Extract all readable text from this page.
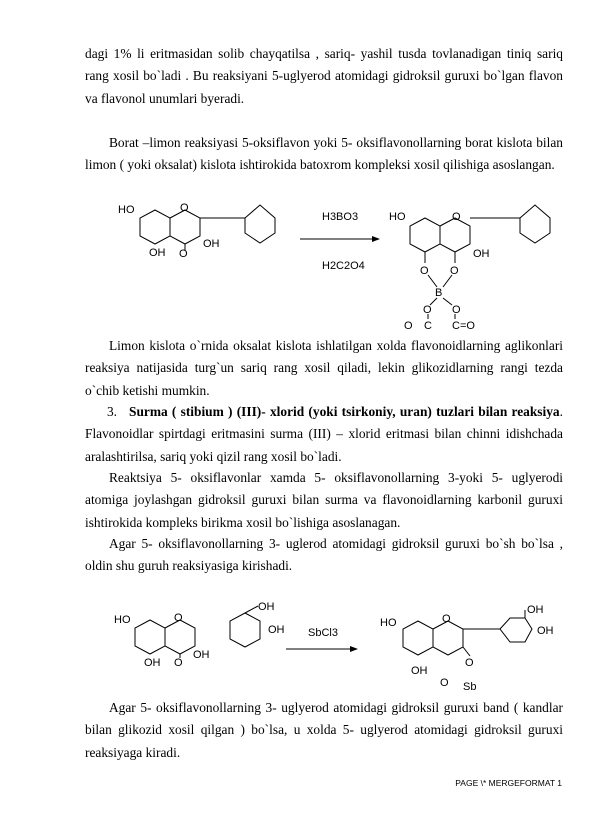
dagi 1% li eritmasidan solib chayqatilsa , sariq- yashil tusda tovlanadigan tiniq sariq rang xosil bo`ladi . Bu reaksiyani 5-uglyerod atomidagi gidroksil guruxi bo`lgan flavon va flavonol unumlari byeradi.
Borat –limon reaksiyasi 5-oksiflavon yoki 5- oksiflavonollarning borat kislota bilan limon ( yoki oksalat) kislota ishtirokida batoxrom kompleksi xosil qilishiga asoslangan.
HO	O
OH
OH O
H3BO3
H2C2O4
HO	O
OH
O O
B
O O
O C C=O
Limon kislota o`rnida oksalat kislota ishlatilgan xolda flavonoidlarning aglikonlari reaksiya natijasida turg`un sariq rang xosil qiladi, lekin glikozidlarning rangi tezda o`chib ketishi mumkin.
3. Surma ( stibium ) (III)- xlorid (yoki tsirkoniy, uran) tuzlari bilan reaksiya. Flavonoidlar spirtdagi eritmasini surma (III) – xlorid eritmasi bilan chinni idishchada aralashtirilsa, sariq yoki qizil rang xosil bo`ladi.
Reaktsiya 5- oksiflavonlar xamda 5- oksiflavonollarning 3-yoki 5- uglyerodi atomiga joylashgan gidroksil guruxi bilan surma va flavonoidlarning karbonil guruxi ishtirokida kompleks birikma xosil bo`lishiga asoslanagan.
Agar 5- oksiflavonollarning 3- uglerod atomidagi gidroksil guruxi bo`sh bo`lsa , oldin shu guruh reaksiyasiga kirishadi.
HO	O
OH O
OH
OH
OH SbCl3
HO	O
OH
OH
OH
O
O Sb
Agar 5- oksiflavonollarning 3- uglyerod atomidagi gidroksil guruxi band ( kandlar bilan glikozid xosil qilgan ) bo`lsa, u xolda 5- uglyerod atomidagi gidroksil guruxi reaksiyaga kiradi.
PAGE \* MERGEFORMAT 1
